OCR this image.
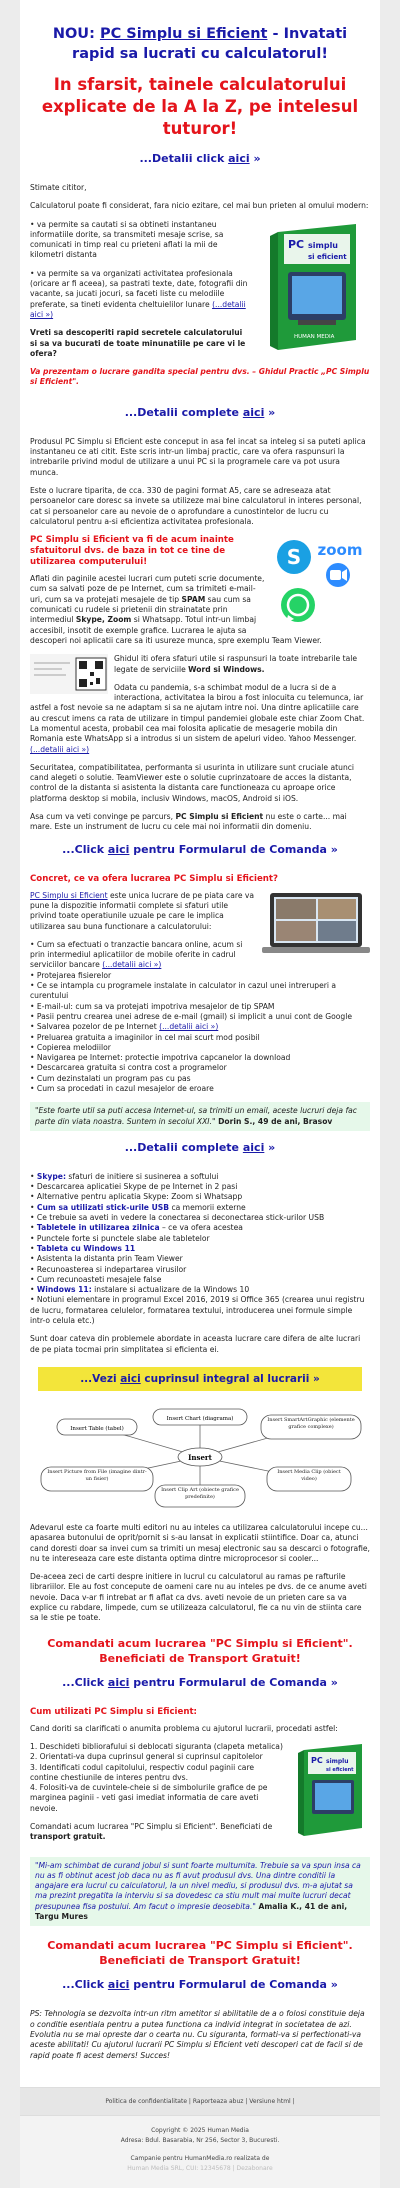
NOU: PC Simplu si Eficient - Invatati rapid sa lucrati cu calculatorul!
In sfarsit, tainele calculatorului explicate de la A la Z, pe intelesul tuturor!
...Detalii click aici »

Stimate cititor,

Calculatorul poate fi considerat, fara nicio ezitare, cel mai bun prieten al omului modern:

PC simplu
si eficient
HUMAN MEDIA

• va permite sa cautati si sa obtineti instantaneu informatiile dorite, sa transmiteti mesaje scrise, sa comunicati in timp real cu prieteni aflati la mii de kilometri distanta

• va permite sa va organizati activitatea profesionala (oricare ar fi aceea), sa pastrati texte, date, fotografii din vacante, sa jucati jocuri, sa faceti liste cu melodiile preferate, sa tineti evidenta cheltuielilor lunare (...detalii aici »)

Vreti sa descoperiti rapid secretele calculatorului si sa va bucurati de toate minunatiile pe care vi le ofera?

Va prezentam o lucrare gandita special pentru dvs. – Ghidul Practic „PC Simplu si Eficient".

...Detalii complete aici »

Produsul PC Simplu si Eficient este conceput in asa fel incat sa inteleg si sa puteti aplica instantaneu ce ati citit. Este scris intr-un limbaj practic, care va ofera raspunsuri la intrebarile privind modul de utilizare a unui PC si la programele care va pot usura munca.

Este o lucrare tiparita, de cca. 330 de pagini format A5, care se adreseaza atat persoanelor care doresc sa invete sa utilizeze mai bine calculatorul in interes personal, cat si persoanelor care au nevoie de o aprofundare a cunostintelor de lucru cu calculatorul pentru a-si eficientiza activitatea profesionala.

S zoom

PC Simplu si Eficient va fi de acum inainte sfatuitorul dvs. de baza in tot ce tine de utilizarea computerului!

Aflati din paginile acestei lucrari cum puteti scrie documente, cum sa salvati poze de pe Internet, cum sa trimiteti e-mail-uri, cum sa va protejati mesajele de tip SPAM sau cum sa comunicati cu rudele si prietenii din strainatate prin intermediul Skype, Zoom si Whatsapp. Totul intr-un limbaj accesibil, insotit de exemple grafice. Lucrarea le ajuta sa descoperi noi aplicatii care sa iti usureze munca, spre exemplu Team Viewer.

Ghidul iti ofera sfaturi utile si raspunsuri la toate intrebarile tale legate de serviciile Word si Windows.

Odata cu pandemia, s-a schimbat modul de a lucra si de a interactiona, activitatea la birou a fost inlocuita cu telemunca, iar astfel a fost nevoie sa ne adaptam si sa ne ajutam intre noi. Una dintre aplicatiile care au crescut imens ca rata de utilizare in timpul pandemiei globale este chiar Zoom Chat. La momentul acesta, probabil cea mai folosita aplicatie de mesagerie mobila din Romania este WhatsApp si a introdus si un sistem de apeluri video. Yahoo Messenger. (...detalii aici »)

Securitatea, compatibilitatea, performanta si usurinta in utilizare sunt cruciale atunci cand alegeti o solutie. TeamViewer este o solutie cuprinzatoare de acces la distanta, control de la distanta si asistenta la distanta care functioneaza cu aproape orice platforma desktop si mobila, inclusiv Windows, macOS, Android si iOS.

Asa cum va veti convinge pe parcurs, PC Simplu si Eficient nu este o carte... mai mare. Este un instrument de lucru cu cele mai noi informatii din domeniu.

...Click aici pentru Formularul de Comanda »

Concret, ce va ofera lucrarea PC Simplu si Eficient?

PC Simplu si Eficient este unica lucrare de pe piata care va pune la dispozitie informatii complete si sfaturi utile privind toate operatiunile uzuale pe care le implica utilizarea sau buna functionare a calculatorului:

• Cum sa efectuati o tranzactie bancara online, acum si prin intermediul aplicatiilor de mobile oferite in cadrul serviciilor bancare (...detalii aici »)

• Protejarea fisierelor
• Ce se intampla cu programele instalate in calculator in cazul unei intreruperi a curentului
• E-mail-ul: cum sa va protejati impotriva mesajelor de tip SPAM
• Pasii pentru crearea unei adrese de e-mail (gmail) si implicit a unui cont de Google
• Salvarea pozelor de pe Internet (...detalii aici »)
• Preluarea gratuita a imaginilor in cel mai scurt mod posibil
• Copierea melodiilor
• Navigarea pe Internet: protectie impotriva capcanelor la download
• Descarcarea gratuita si contra cost a programelor
• Cum dezinstalati un program pas cu pas
• Cum sa procedati in cazul mesajelor de eroare
"Este foarte util sa puti accesa Internet-ul, sa trimiti un email, aceste lucruri deja fac parte din viata noastra. Suntem in secolul XXI." Dorin S., 49 de ani, Brasov
...Detalii complete aici »
• Skype: sfaturi de initiere si susinerea a softului
• Descarcarea aplicatiei Skype de pe Internet in 2 pasi
• Alternative pentru aplicatia Skype: Zoom si Whatsapp
• Cum sa utilizati stick-urile USB ca memorii externe
• Ce trebuie sa aveti in vedere la conectarea si deconectarea stick-urilor USB
• Tabletele in utilizarea zilnica – ce va ofera acestea
• Punctele forte si punctele slabe ale tabletelor
• Tableta cu Windows 11
• Asistenta la distanta prin Team Viewer
• Recunoasterea si indepartarea virusilor
• Cum recunoasteti mesajele false
• Windows 11: instalare si actualizare de la Windows 10
• Notiuni elementare in programul Excel 2016, 2019 si Office 365 (crearea unui registru de lucru, formatarea celulelor, formatarea textului, introducerea unei formule simple intr-o celula etc.)

Sunt doar cateva din problemele abordate in aceasta lucrare care difera de alte lucrari de pe piata tocmai prin simplitatea si eficienta ei.

...Vezi aici cuprinsul integral al lucrarii »
Insert
Insert Table (tabel)
Insert Chart (diagrama)	Insert SmartArtGraphic (elemente grafice complexe)
Insert Picture from File (imagine dintr-un fisier)
Insert Media Clip (obiect video)
Insert Clip Art (obiecte grafice predefinite)

Adevarul este ca foarte multi editori nu au inteles ca utilizarea calculatorului incepe cu... apasarea butonului de oprit/pornit si s-au lansat in explicatii stiintifice. Doar ca, atunci cand doresti doar sa invei cum sa trimiti un mesaj electronic sau sa descarci o fotografie, nu te intereseaza care este distanta optima dintre microprocesor si cooler...

De-aceea zeci de carti despre initiere in lucrul cu calculatorul au ramas pe rafturile librariilor. Ele au fost concepute de oameni care nu au inteles pe dvs. de ce anume aveti nevoie. Daca v-ar fi intrebat ar fi aflat ca dvs. aveti nevoie de un prieten care sa va explice cu rabdare, limpede, cum se utilizeaza calculatorul, fie ca nu vin de stiinta care sa le stie pe toate.

Comandati acum lucrarea "PC Simplu si Eficient". Beneficiati de Transport Gratuit!
...Click aici pentru Formularul de Comanda »

Cum utilizati PC Simplu si Eficient:

Cand doriti sa clarificati o anumita problema cu ajutorul lucrarii, procedati astfel:

PC simplu
si eficient

1. Deschideti bibliorafului si deblocati siguranta (clapeta metalica)
2. Orientati-va dupa cuprinsul general si cuprinsul capitolelor
3. Identificati codul capitolului, respectiv codul paginii care contine chestiunile de interes pentru dvs.
4. Folositi-va de cuvintele-cheie si de simbolurile grafice de pe marginea paginii - veti gasi imediat informatia de care aveti nevoie.

Comandati acum lucrarea "PC Simplu si Eficient". Beneficiati de transport gratuit.

"Mi-am schimbat de curand jobul si sunt foarte multumita. Trebuie sa va spun insa ca nu as fi obtinut acest job daca nu as fi avut produsul dvs. Una dintre conditii la angajare era lucrul cu calculatorul, la un nivel mediu, si produsul dvs. m-a ajutat sa ma prezint pregatita la interviu si sa dovedesc ca stiu mult mai multe lucruri decat presupunea fisa postului. Am facut o impresie deosebita." Amalia K., 41 de ani, Targu Mures
Comandati acum lucrarea "PC Simplu si Eficient". Beneficiati de Transport Gratuit!
...Click aici pentru Formularul de Comanda »

PS: Tehnologia se dezvolta intr-un ritm ametitor si abilitatile de a o folosi constituie deja o conditie esentiala pentru a putea functiona ca individ integrat in societatea de azi. Evolutia nu se mai opreste dar o cearta nu. Cu siguranta, formati-va si perfectionati-va aceste abilitati! Cu ajutorul lucrarii PC Simplu si Eficient veti descoperi cat de facil si de rapid poate fi acest demers! Succes!

Politica de confidentialitate | Raporteaza abuz | Versiune html |
Copyright © 2025 Human Media
Adresa: Bdul. Basarabia, Nr 256, Sector 3, Bucuresti.
Campanie pentru HumanMedia.ro realizata de
Human Media SRL, CUI: 12345678 | Dezabonare
